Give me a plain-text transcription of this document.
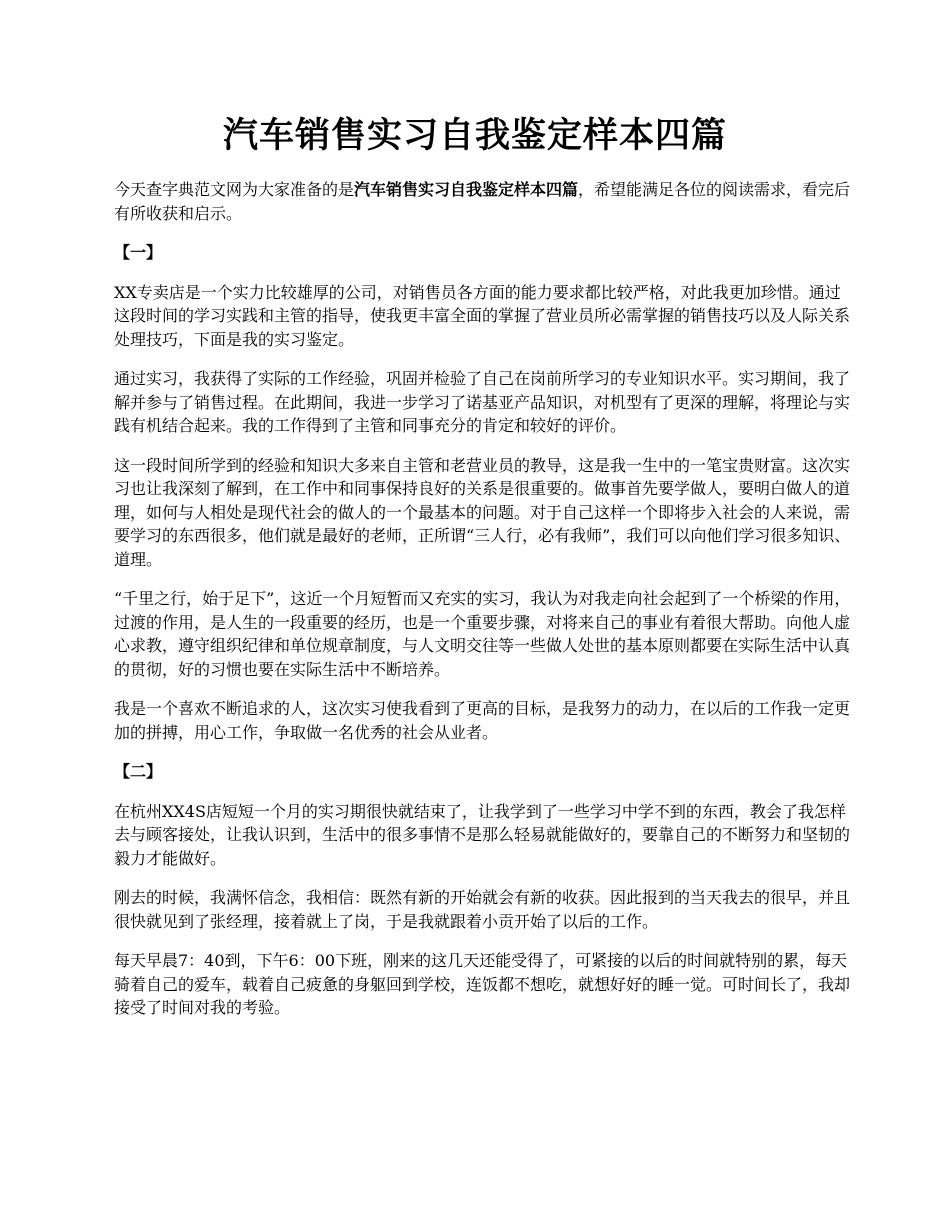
汽车销售实习自我鉴定样本四篇

今天查字典范文网为大家准备的是汽车销售实习自我鉴定样本四篇，希望能满足各位的阅读需求，看完后有所收获和启示。

【一】

XX专卖店是一个实力比较雄厚的公司，对销售员各方面的能力要求都比较严格，对此我更加珍惜。通过这段时间的学习实践和主管的指导，使我更丰富全面的掌握了营业员所必需掌握的销售技巧以及人际关系处理技巧，下面是我的实习鉴定。

通过实习，我获得了实际的工作经验，巩固并检验了自己在岗前所学习的专业知识水平。实习期间，我了解并参与了销售过程。在此期间，我进一步学习了诺基亚产品知识，对机型有了更深的理解，将理论与实践有机结合起来。我的工作得到了主管和同事充分的肯定和较好的评价。

这一段时间所学到的经验和知识大多来自主管和老营业员的教导，这是我一生中的一笔宝贵财富。这次实习也让我深刻了解到，在工作中和同事保持良好的关系是很重要的。做事首先要学做人，要明白做人的道理，如何与人相处是现代社会的做人的一个最基本的问题。对于自己这样一个即将步入社会的人来说，需要学习的东西很多，他们就是最好的老师，正所谓“三人行，必有我师”，我们可以向他们学习很多知识、道理。

“千里之行，始于足下”，这近一个月短暂而又充实的实习，我认为对我走向社会起到了一个桥梁的作用，过渡的作用，是人生的一段重要的经历，也是一个重要步骤，对将来自己的事业有着很大帮助。向他人虚心求教，遵守组织纪律和单位规章制度，与人文明交往等一些做人处世的基本原则都要在实际生活中认真的贯彻，好的习惯也要在实际生活中不断培养。

我是一个喜欢不断追求的人，这次实习使我看到了更高的目标，是我努力的动力，在以后的工作我一定更加的拼搏，用心工作，争取做一名优秀的社会从业者。

【二】

在杭州XX4S店短短一个月的实习期很快就结束了，让我学到了一些学习中学不到的东西，教会了我怎样去与顾客接处，让我认识到，生活中的很多事情不是那么轻易就能做好的，要靠自己的不断努力和坚韧的毅力才能做好。

刚去的时候，我满怀信念，我相信：既然有新的开始就会有新的收获。因此报到的当天我去的很早，并且很快就见到了张经理，接着就上了岗，于是我就跟着小贡开始了以后的工作。

每天早晨7：40到，下午6：00下班，刚来的这几天还能受得了，可紧接的以后的时间就特别的累，每天骑着自己的爱车，载着自己疲惫的身躯回到学校，连饭都不想吃，就想好好的睡一觉。可时间长了，我却接受了时间对我的考验。
